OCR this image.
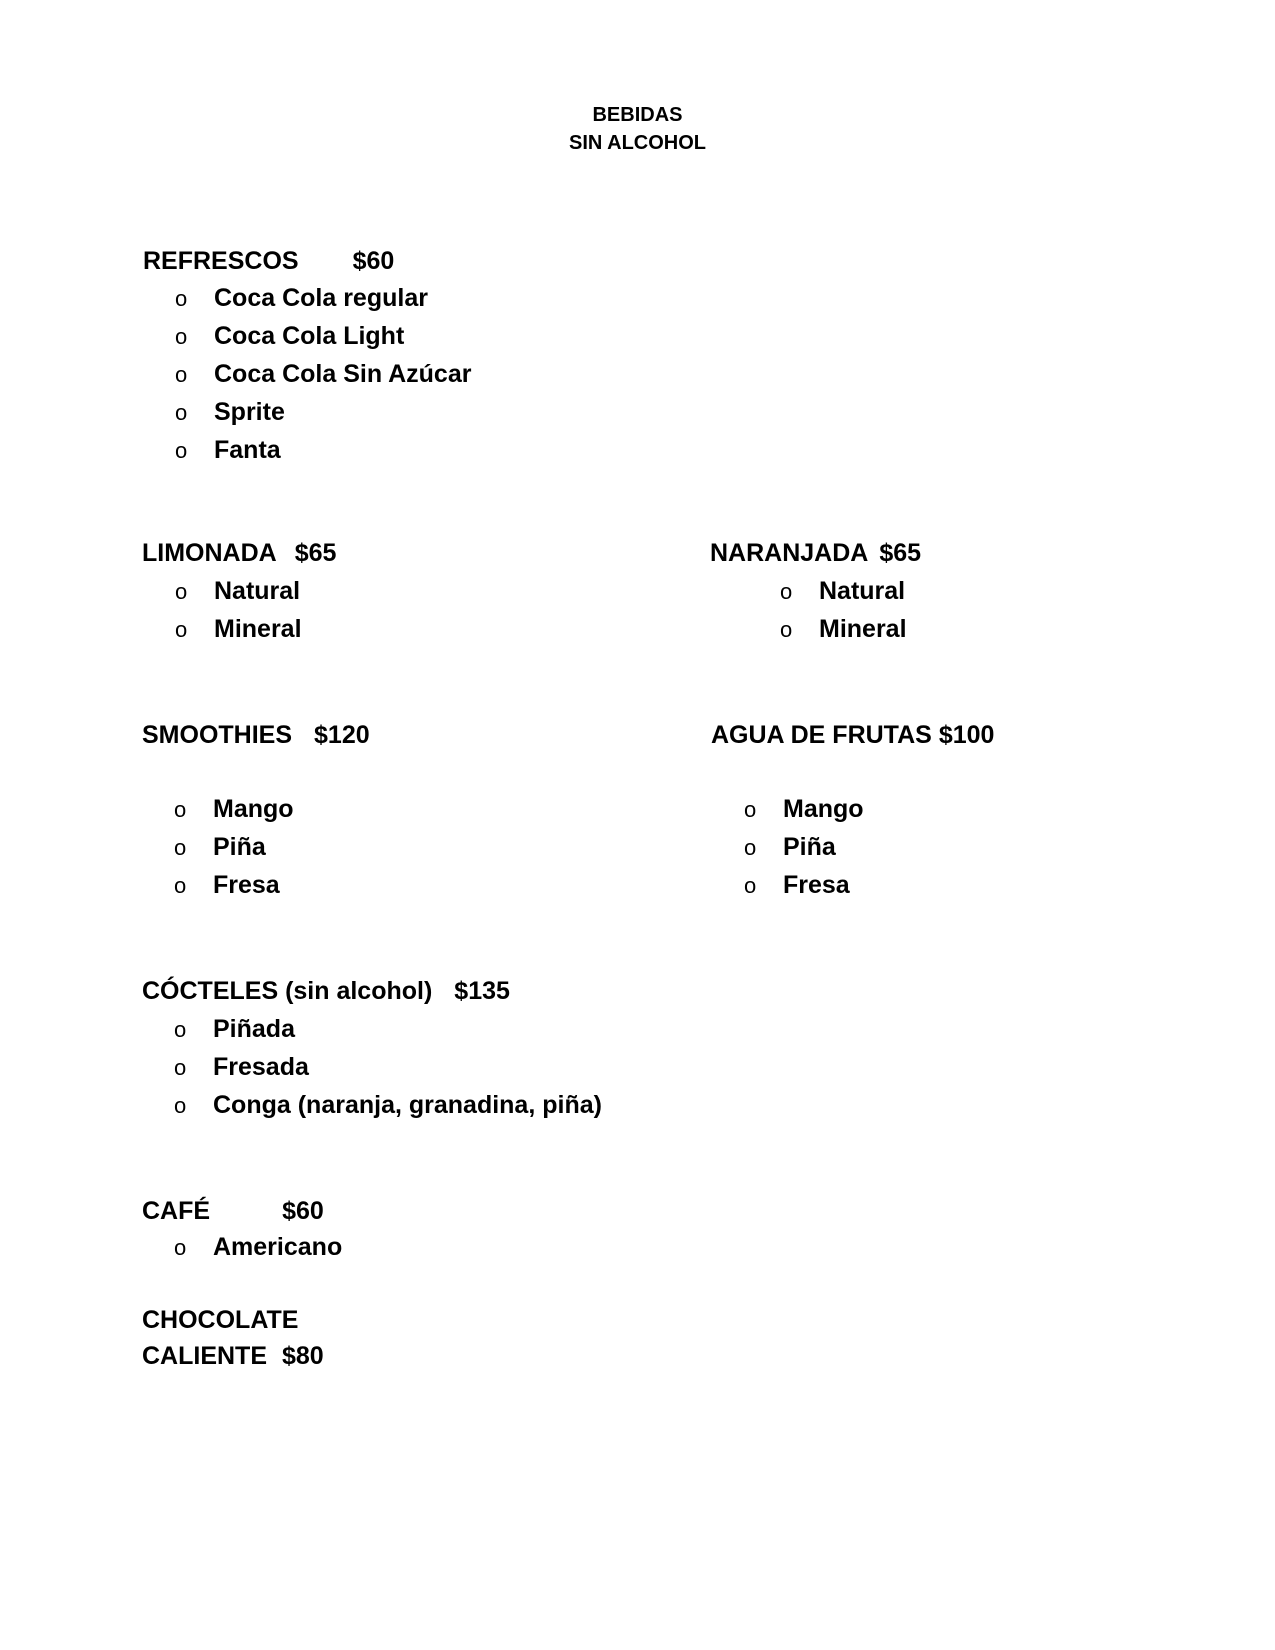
BEBIDAS
SIN ALCOHOL
REFRESCOS $60
o Coca Cola regular
o Coca Cola Light
o Coca Cola Sin Azúcar
o Sprite
o Fanta
LIMONADA $65
o Natural
o Mineral
NARANJADA $65
o Natural
o Mineral
SMOOTHIES $120
o Mango
o Piña
o Fresa
AGUA DE FRUTAS $100
o Mango
o Piña
o Fresa
CÓCTELES (sin alcohol) $135
o Piñada
o Fresada
o Conga (naranja, granadina, piña)
CAFÉ	$60
o Americano
CHOCOLATE
CALIENTE $80
